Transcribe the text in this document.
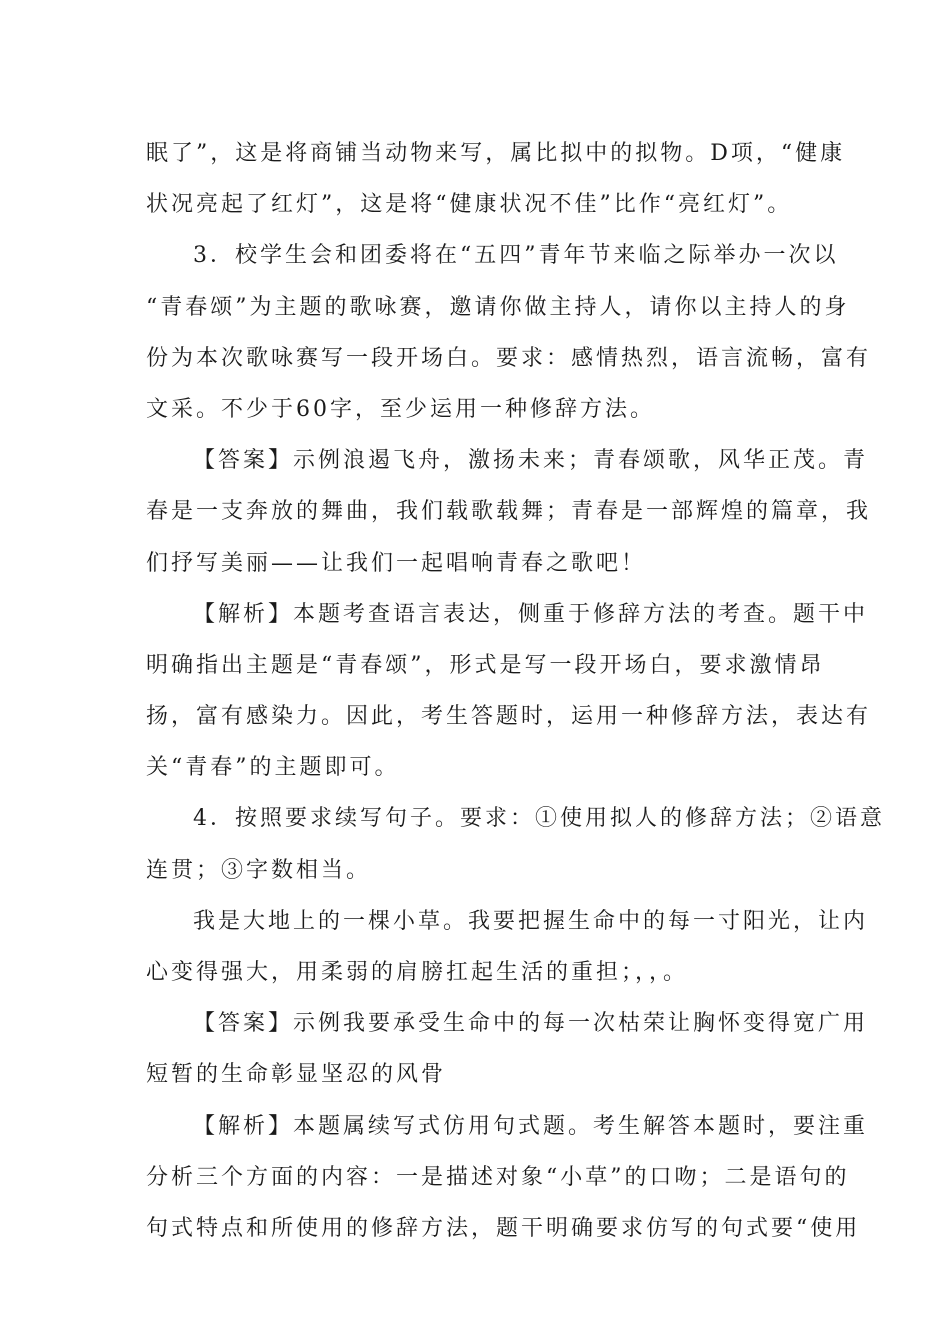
眠了”，这是将商铺当动物来写，属比拟中的拟物。D项，“健康
状况亮起了红灯”，这是将“健康状况不佳”比作“亮红灯”。
3．校学生会和团委将在“五四”青年节来临之际举办一次以
“青春颂”为主题的歌咏赛，邀请你做主持人，请你以主持人的身
份为本次歌咏赛写一段开场白。要求：感情热烈，语言流畅，富有
文采。不少于60字，至少运用一种修辞方法。
【答案】示例浪遏飞舟，激扬未来；青春颂歌，风华正茂。青
春是一支奔放的舞曲，我们载歌载舞；青春是一部辉煌的篇章，我
们抒写美丽——让我们一起唱响青春之歌吧！
【解析】本题考查语言表达，侧重于修辞方法的考查。题干中
明确指出主题是“青春颂”，形式是写一段开场白，要求激情昂
扬，富有感染力。因此，考生答题时，运用一种修辞方法，表达有
关“青春”的主题即可。
4．按照要求续写句子。要求：①使用拟人的修辞方法；②语意
连贯；③字数相当。
我是大地上的一棵小草。我要把握生命中的每一寸阳光，让内
心变得强大，用柔弱的肩膀扛起生活的重担；，，。
【答案】示例我要承受生命中的每一次枯荣让胸怀变得宽广用
短暂的生命彰显坚忍的风骨
【解析】本题属续写式仿用句式题。考生解答本题时，要注重
分析三个方面的内容：一是描述对象“小草”的口吻；二是语句的
句式特点和所使用的修辞方法，题干明确要求仿写的句式要“使用
